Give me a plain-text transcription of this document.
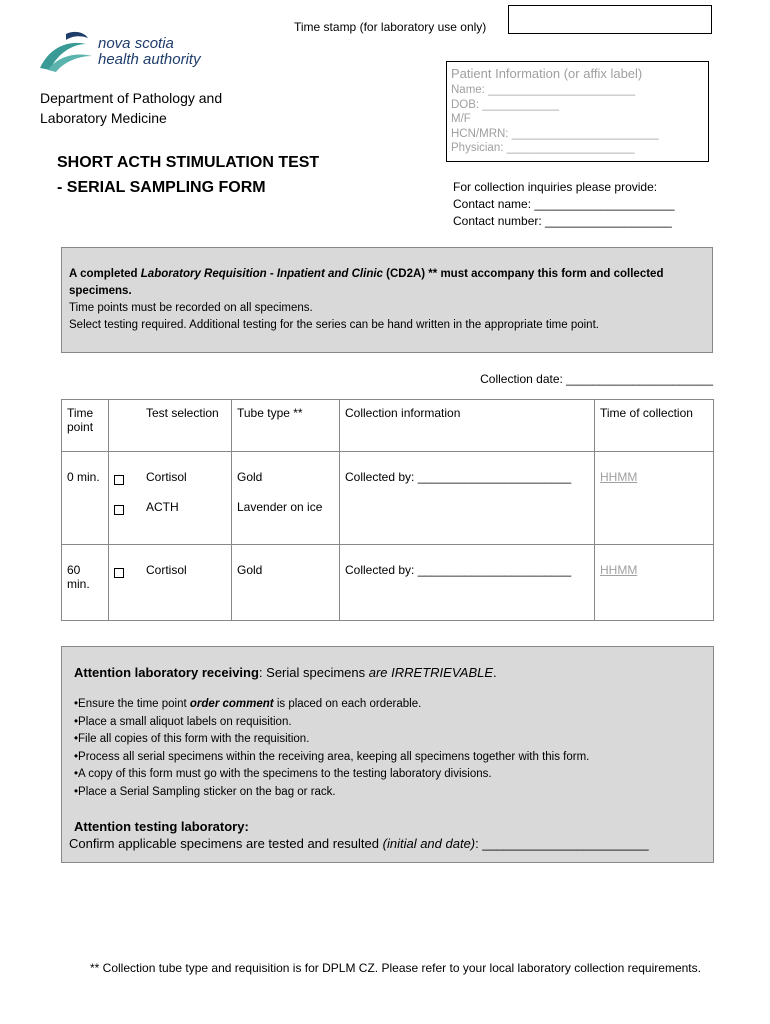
Time stamp (for laboratory use only)
nova scotia
health authority
Department of Pathology and
Laboratory Medicine
SHORT ACTH STIMULATION TEST
- SERIAL SAMPLING FORM
Patient Information (or affix label)
Name: _______________________
DOB: ____________
M/F
HCN/MRN: _______________________
Physician: ____________________
For collection inquiries please provide:
Contact name: _____________________
Contact number: ___________________
A completed Laboratory Requisition - Inpatient and Clinic (CD2A) ** must accompany this form and collected specimens.
Time points must be recorded on all specimens.
Select testing required. Additional testing for the series can be hand written in the appropriate time point.
Collection date: ______________________
Time point		Test selection	Tube type **	Collection information	Time of collection
0 min.		Cortisol	Gold	Collected by: _______________________	HHMM
		ACTH	Lavender on ice		
60 min.		Cortisol	Gold	Collected by: _______________________	HHMM
Attention laboratory receiving: Serial specimens are IRRETRIEVABLE.
•Ensure the time point order comment is placed on each orderable.
•Place a small aliquot labels on requisition.
•File all copies of this form with the requisition.
•Process all serial specimens within the receiving area, keeping all specimens together with this form.
•A copy of this form must go with the specimens to the testing laboratory divisions.
•Place a Serial Sampling sticker on the bag or rack.
Attention testing laboratory:
Confirm applicable specimens are tested and resulted (initial and date): _______________________
** Collection tube type and requisition is for DPLM CZ. Please refer to your local laboratory collection requirements.
